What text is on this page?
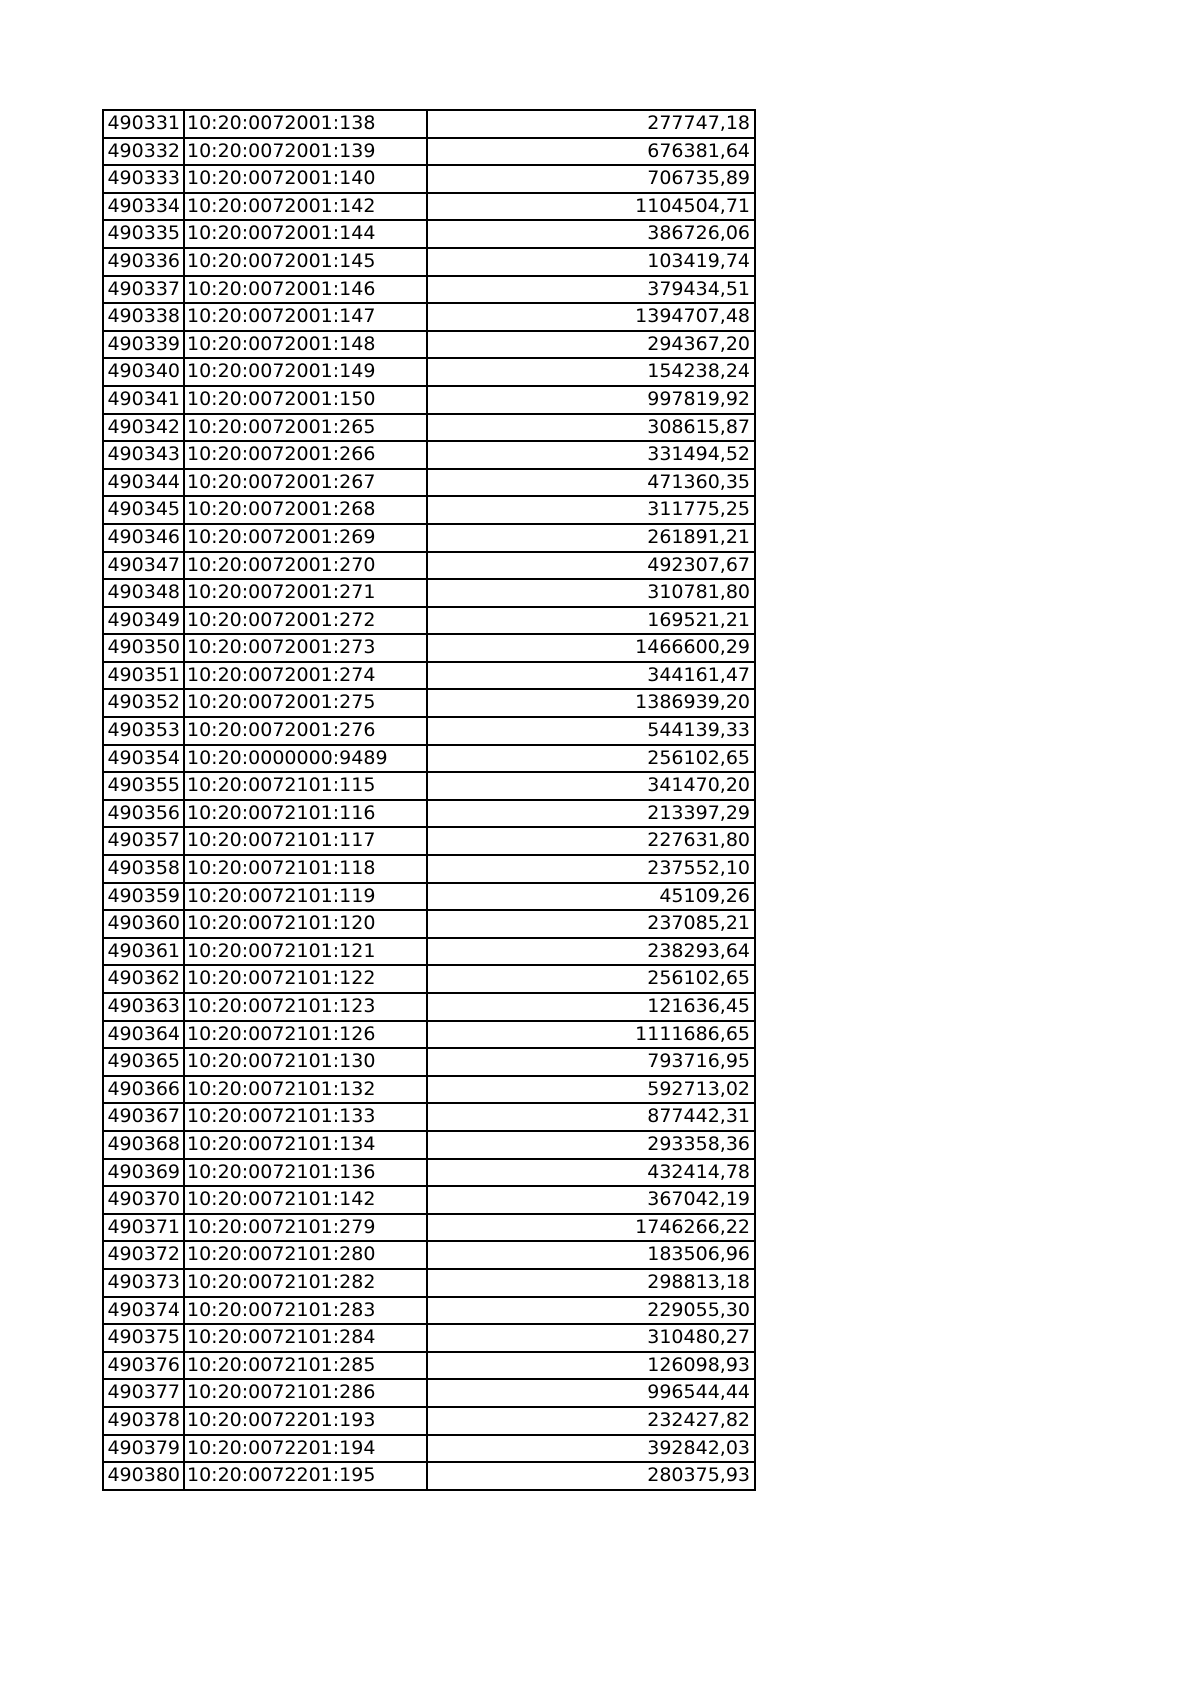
490331	10:20:0072001:138	277747,18
490332	10:20:0072001:139	676381,64
490333	10:20:0072001:140	706735,89
490334	10:20:0072001:142	1104504,71
490335	10:20:0072001:144	386726,06
490336	10:20:0072001:145	103419,74
490337	10:20:0072001:146	379434,51
490338	10:20:0072001:147	1394707,48
490339	10:20:0072001:148	294367,20
490340	10:20:0072001:149	154238,24
490341	10:20:0072001:150	997819,92
490342	10:20:0072001:265	308615,87
490343	10:20:0072001:266	331494,52
490344	10:20:0072001:267	471360,35
490345	10:20:0072001:268	311775,25
490346	10:20:0072001:269	261891,21
490347	10:20:0072001:270	492307,67
490348	10:20:0072001:271	310781,80
490349	10:20:0072001:272	169521,21
490350	10:20:0072001:273	1466600,29
490351	10:20:0072001:274	344161,47
490352	10:20:0072001:275	1386939,20
490353	10:20:0072001:276	544139,33
490354	10:20:0000000:9489	256102,65
490355	10:20:0072101:115	341470,20
490356	10:20:0072101:116	213397,29
490357	10:20:0072101:117	227631,80
490358	10:20:0072101:118	237552,10
490359	10:20:0072101:119	45109,26
490360	10:20:0072101:120	237085,21
490361	10:20:0072101:121	238293,64
490362	10:20:0072101:122	256102,65
490363	10:20:0072101:123	121636,45
490364	10:20:0072101:126	1111686,65
490365	10:20:0072101:130	793716,95
490366	10:20:0072101:132	592713,02
490367	10:20:0072101:133	877442,31
490368	10:20:0072101:134	293358,36
490369	10:20:0072101:136	432414,78
490370	10:20:0072101:142	367042,19
490371	10:20:0072101:279	1746266,22
490372	10:20:0072101:280	183506,96
490373	10:20:0072101:282	298813,18
490374	10:20:0072101:283	229055,30
490375	10:20:0072101:284	310480,27
490376	10:20:0072101:285	126098,93
490377	10:20:0072101:286	996544,44
490378	10:20:0072201:193	232427,82
490379	10:20:0072201:194	392842,03
490380	10:20:0072201:195	280375,93
